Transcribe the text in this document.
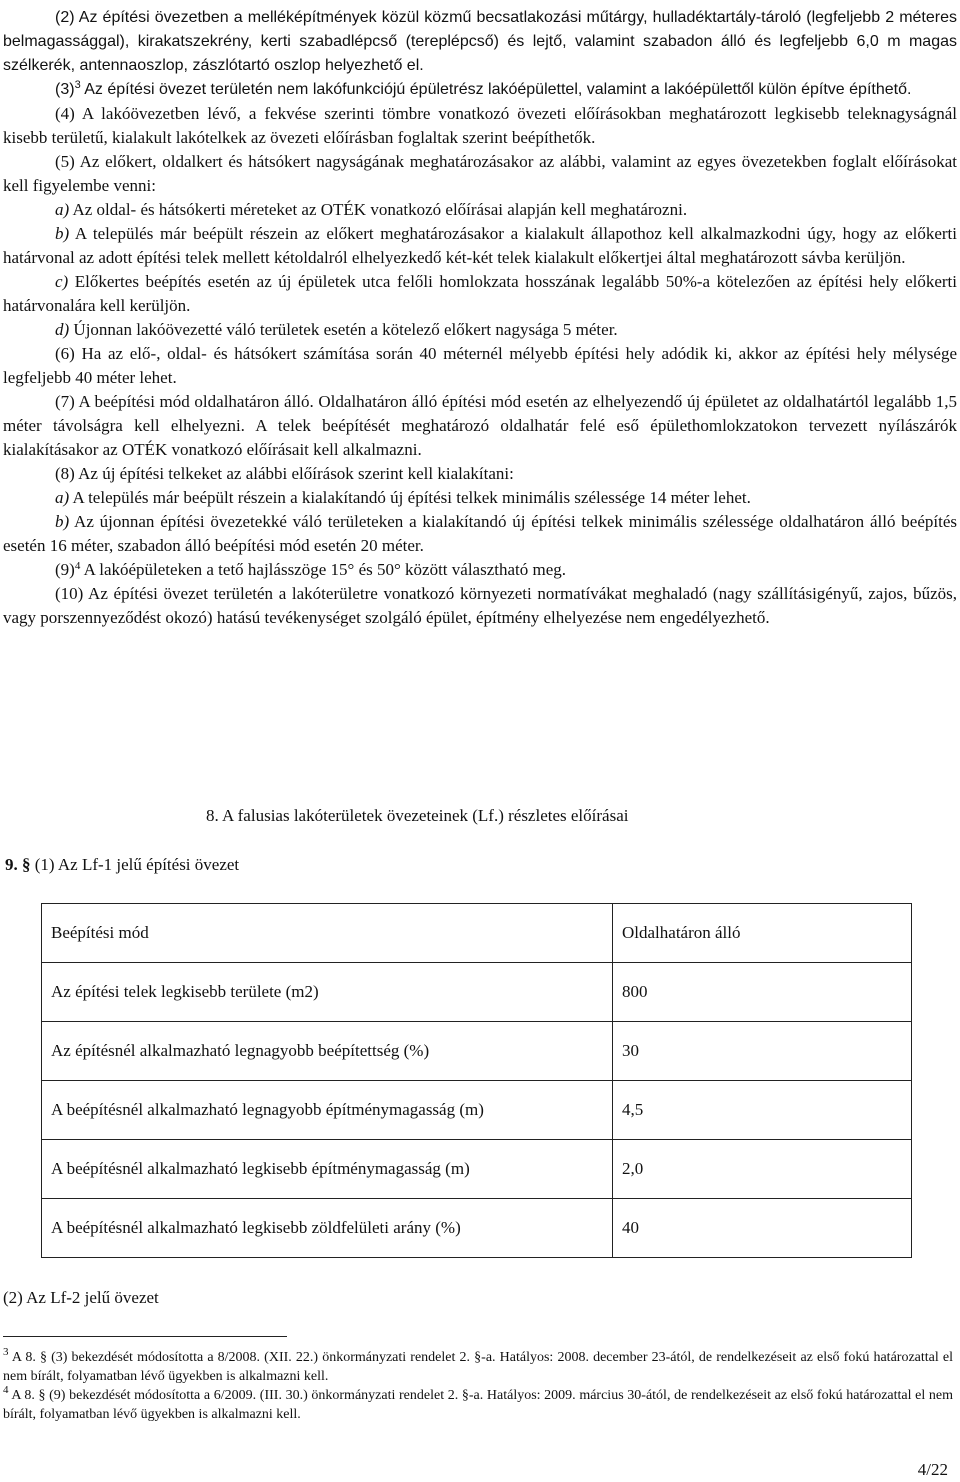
(2) Az építési övezetben a melléképítmények közül közmű becsatlakozási műtárgy, hulladéktartály-tároló (legfeljebb 2 méteres belmagassággal), kirakatszekrény, kerti szabadlépcső (tereplépcső) és lejtő, valamint szabadon álló és legfeljebb 6,0 m magas szélkerék, antennaoszlop, zászlótartó oszlop helyezhető el.

$(3)^3$ Az építési övezet területén nem lakófunkciójú épületrész lakóépülettel, valamint a lakóépülettől külön építve építhető.

(4) A lakóövezetben lévő, a fekvése szerinti tömbre vonatkozó övezeti előírásokban meghatározott legkisebb teleknagyságnál kisebb területű, kialakult lakótelkek az övezeti előírásban foglaltak szerint beépíthetők.

(5) Az előkert, oldalkert és hátsókert nagyságának meghatározásakor az alábbi, valamint az egyes övezetekben foglalt előírásokat kell figyelembe venni:

a) Az oldal- és hátsókerti méreteket az OTÉK vonatkozó előírásai alapján kell meghatározni.

b) A település már beépült részein az előkert meghatározásakor a kialakult állapothoz kell alkalmazkodni úgy, hogy az előkerti határvonal az adott építési telek mellett kétoldalról elhelyezkedő két-két telek kialakult előkertjei által meghatározott sávba kerüljön.

c) Előkertes beépítés esetén az új épületek utca felőli homlokzata hosszának legalább 50%-a kötelezően az építési hely előkerti határvonalára kell kerüljön.

d) Újonnan lakóövezetté váló területek esetén a kötelező előkert nagysága 5 méter.

(6) Ha az elő-, oldal- és hátsókert számítása során 40 méternél mélyebb építési hely adódik ki, akkor az építési hely mélysége legfeljebb 40 méter lehet.

(7) A beépítési mód oldalhatáron álló. Oldalhatáron álló építési mód esetén az elhelyezendő új épületet az oldalhatártól legalább 1,5 méter távolságra kell elhelyezni. A telek beépítését meghatározó oldalhatár felé eső épülethomlokzatokon tervezett nyílászárók kialakításakor az OTÉK vonatkozó előírásait kell alkalmazni.

(8) Az új építési telkeket az alábbi előírások szerint kell kialakítani:

a) A település már beépült részein a kialakítandó új építési telkek minimális szélessége 14 méter lehet.

b) Az újonnan építési övezetekké váló területeken a kialakítandó új építési telkek minimális szélessége oldalhatáron álló beépítés esetén 16 méter, szabadon álló beépítési mód esetén 20 méter.

$(9)^4$ A lakóépületeken a tető hajlásszöge 15° és 50° között választható meg.

(10) Az építési övezet területén a lakóterületre vonatkozó környezeti normatívákat meghaladó (nagy szállításigényű, zajos, bűzös, vagy porszennyeződést okozó) hatású tevékenységet szolgáló épület, építmény elhelyezése nem engedélyezhető.

8. A falusias lakóterületek övezeteinek (Lf.) részletes előírásai
9. § (1) Az Lf-1 jelű építési övezet
Beépítési mód	Oldalhatáron álló
Az építési telek legkisebb területe (m2)	800
Az építésnél alkalmazható legnagyobb beépítettség (%)	30
A beépítésnél alkalmazható legnagyobb építménymagasság (m)	4,5
A beépítésnél alkalmazható legkisebb építménymagasság (m)	2,0
A beépítésnél alkalmazható legkisebb zöldfelületi arány (%)	40
(2) Az Lf-2 jelű övezet

$^3$ A 8. § (3) bekezdését módosította a 8/2008. (XII. 22.) önkormányzati rendelet 2. §-a. Hatályos: 2008. december 23-ától, de rendelkezéseit az első fokú határozattal el nem bírált, folyamatban lévő ügyekben is alkalmazni kell.

$^4$ A 8. § (9) bekezdését módosította a 6/2009. (III. 30.) önkormányzati rendelet 2. §-a. Hatályos: 2009. március 30-ától, de rendelkezéseit az első fokú határozattal el nem bírált, folyamatban lévő ügyekben is alkalmazni kell.

4/22
